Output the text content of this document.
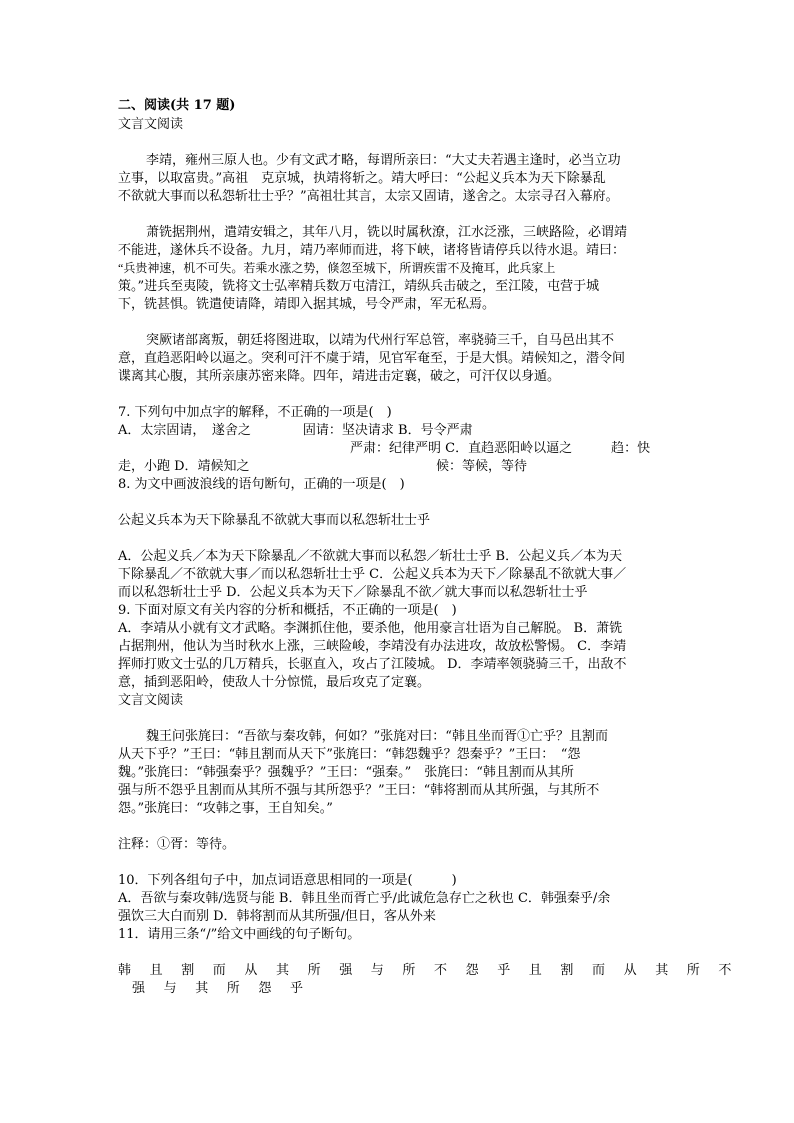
二、阅读(共 17 题)
文言文阅读
李靖，雍州三原人也。少有文武才略，每谓所亲曰：“大丈夫若遇主逢时，必当立功
立事，以取富贵。”高祖　克京城，执靖将斩之。靖大呼曰：“公起义兵本为天下除暴乱
不欲就大事而以私怨斩壮士乎？”高祖壮其言，太宗又固请，遂舍之。太宗寻召入幕府。
萧铣据荆州，遣靖安辑之，其年八月，铣以时属秋潦，江水泛涨，三峡路险，必谓靖
不能进，遂休兵不设备。九月，靖乃率师而进，将下峡，诸将皆请停兵以待水退。靖曰：
“兵贵神速，机不可失。若乘水涨之势，倏忽至城下，所谓疾雷不及掩耳，此兵家上
策。”进兵至夷陵，铣将文士弘率精兵数万屯清江，靖纵兵击破之，至江陵，屯营于城
下，铣甚惧。铣遣使请降，靖即入据其城，号令严肃，军无私焉。
突厥诸部离叛，朝廷将图进取，以靖为代州行军总管，率骁骑三千，自马邑出其不
意，直趋恶阳岭以逼之。突利可汗不虞于靖，见官军奄至，于是大惧。靖候知之，潜令间
谍离其心腹，其所亲康苏密来降。四年，靖进击定襄，破之，可汗仅以身遁。
7. 下列句中加点字的解释，不正确的一项是(　)
A．太宗固请，　遂舍之　　　　固请：坚决请求 B．号令严肃
严肃：纪律严明 C．直趋恶阳岭以逼之　　　趋：快
走，小跑 D．靖候知之	候：等候，等待
8. 为文中画波浪线的语句断句，正确的一项是(　)
公起义兵本为天下除暴乱不欲就大事而以私怨斩壮士乎
A．公起义兵／本为天下除暴乱／不欲就大事而以私怨／斩壮士乎 B．公起义兵／本为天
下除暴乱／不欲就大事／而以私怨斩壮士乎 C．公起义兵本为天下／除暴乱不欲就大事／
而以私怨斩壮士乎 D．公起义兵本为天下／除暴乱不欲／就大事而以私怨斩壮士乎
9. 下面对原文有关内容的分析和概括，不正确的一项是(　)
A．李靖从小就有文才武略。李渊抓住他，要杀他，他用豪言壮语为自己解脱。 B．萧铣
占据荆州，他认为当时秋水上涨，三峡险峻，李靖没有办法进攻，故放松警惕。 C．李靖
挥师打败文士弘的几万精兵，长驱直入，攻占了江陵城。 D．李靖率领骁骑三千，出敌不
意，插到恶阳岭，使敌人十分惊慌，最后攻克了定襄。
文言文阅读
魏王问张旄曰：“吾欲与秦攻韩，何如？”张旄对曰：“韩且坐而胥①亡乎？且割而
从天下乎？”王曰：“韩且割而从天下”张旄曰：“韩怨魏乎？怨秦乎？”王曰：　“怨
魏。”张旄曰：“韩强秦乎？强魏乎？”王曰：“强秦。”　张旄曰：“韩且割而从其所
强与所不怨乎且割而从其所不强与其所怨乎？”王曰：“韩将割而从其所强，与其所不
怨。”张旄曰：“攻韩之事，王自知矣。”
注释：①胥：等待。
10．下列各组句子中，加点词语意思相同的一项是(　　　)
A．吾欲与秦攻韩/选贤与能 B．韩且坐而胥亡乎/此诚危急存亡之秋也 C．韩强秦乎/余
强饮三大白而别 D．韩将割而从其所强/但日，客从外来
11．请用三条“/”给文中画线的句子断句。
韩且割而从其所强与所不怨乎且割而从其所不
强与其所怨乎
